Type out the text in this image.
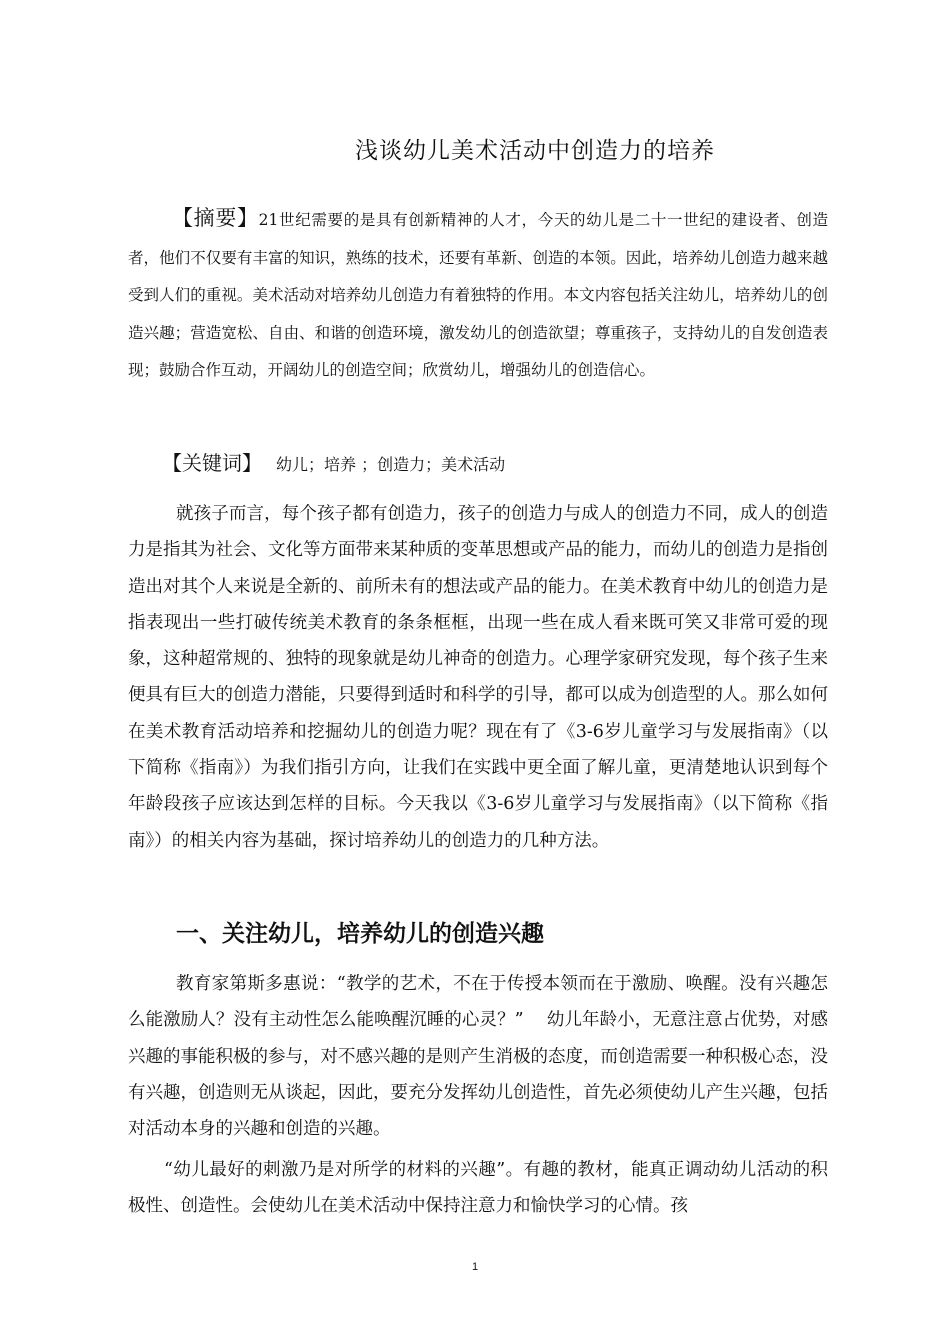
浅谈幼儿美术活动中创造力的培养

【摘要】21世纪需要的是具有创新精神的人才，今天的幼儿是二十一世纪的建设者、创造者，他们不仅要有丰富的知识，熟练的技术，还要有革新、创造的本领。因此，培养幼儿创造力越来越受到人们的重视。美术活动对培养幼儿创造力有着独特的作用。本文内容包括关注幼儿，培养幼儿的创造兴趣；营造宽松、自由、和谐的创造环境，激发幼儿的创造欲望；尊重孩子，支持幼儿的自发创造表现；鼓励合作互动，开阔幼儿的创造空间；欣赏幼儿，增强幼儿的创造信心。

【关键词】 幼儿；培养 ；创造力；美术活动

就孩子而言，每个孩子都有创造力，孩子的创造力与成人的创造力不同，成人的创造力是指其为社会、文化等方面带来某种质的变革思想或产品的能力，而幼儿的创造力是指创造出对其个人来说是全新的、前所未有的想法或产品的能力。在美术教育中幼儿的创造力是指表现出一些打破传统美术教育的条条框框，出现一些在成人看来既可笑又非常可爱的现象，这种超常规的、独特的现象就是幼儿神奇的创造力。心理学家研究发现，每个孩子生来便具有巨大的创造力潜能，只要得到适时和科学的引导，都可以成为创造型的人。那么如何在美术教育活动培养和挖掘幼儿的创造力呢？现在有了《3-6岁儿童学习与发展指南》（以下简称《指南》）为我们指引方向，让我们在实践中更全面了解儿童，更清楚地认识到每个年龄段孩子应该达到怎样的目标。今天我以《3-6岁儿童学习与发展指南》（以下简称《指南》）的相关内容为基础，探讨培养幼儿的创造力的几种方法。

一、关注幼儿，培养幼儿的创造兴趣

教育家第斯多惠说：“教学的艺术，不在于传授本领而在于激励、唤醒。没有兴趣怎么能激励人？没有主动性怎么能唤醒沉睡的心灵？”　 幼儿年龄小，无意注意占优势，对感兴趣的事能积极的参与，对不感兴趣的是则产生消极的态度，而创造需要一种积极心态，没有兴趣，创造则无从谈起，因此，要充分发挥幼儿创造性，首先必须使幼儿产生兴趣，包括对活动本身的兴趣和创造的兴趣。

“幼儿最好的刺激乃是对所学的材料的兴趣”。有趣的教材，能真正调动幼儿活动的积极性、创造性。会使幼儿在美术活动中保持注意力和愉快学习的心情。孩

1
